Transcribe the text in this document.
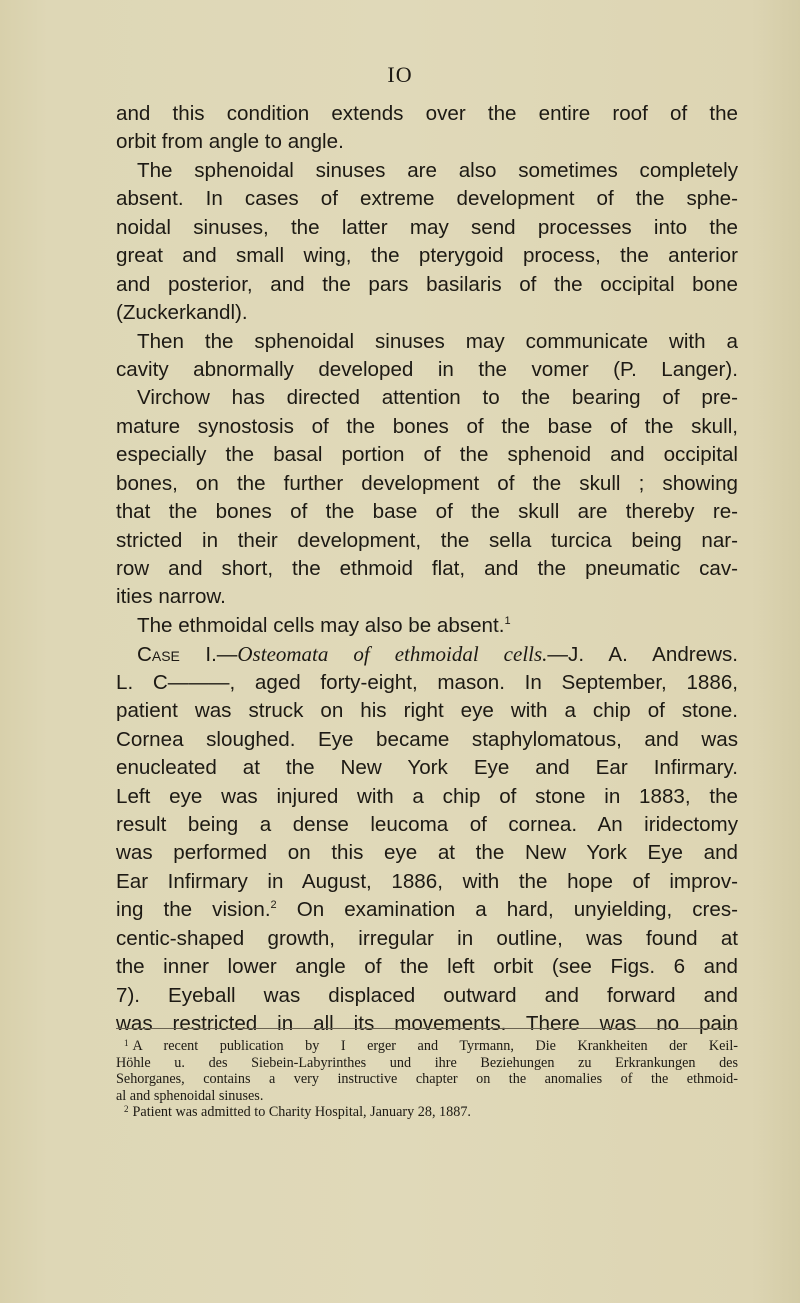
IO
and this condition extends over the entire roof of the
orbit from angle to angle.
The sphenoidal sinuses are also sometimes completely
absent. In cases of extreme development of the sphe-
noidal sinuses, the latter may send processes into the
great and small wing, the pterygoid process, the anterior
and posterior, and the pars basilaris of the occipital bone
(Zuckerkandl).
Then the sphenoidal sinuses may communicate with a
cavity abnormally developed in the vomer (P. Langer).
Virchow has directed attention to the bearing of pre-
mature synostosis of the bones of the base of the skull,
especially the basal portion of the sphenoid and occipital
bones, on the further development of the skull ; showing
that the bones of the base of the skull are thereby re-
stricted in their development, the sella turcica being nar-
row and short, the ethmoid flat, and the pneumatic cav-
ities narrow.
The ethmoidal cells may also be absent.$^1$
Case I.—Osteomata of ethmoidal cells.—J. A. Andrews.
L. C———, aged forty-eight, mason. In September, 1886,
patient was struck on his right eye with a chip of stone.
Cornea sloughed. Eye became staphylomatous, and was
enucleated at the New York Eye and Ear Infirmary.
Left eye was injured with a chip of stone in 1883, the
result being a dense leucoma of cornea. An iridectomy
was performed on this eye at the New York Eye and
Ear Infirmary in August, 1886, with the hope of improv-
ing the vision.$^2$ On examination a hard, unyielding, cres-
centic-shaped growth, irregular in outline, was found at
the inner lower angle of the left orbit (see Figs. 6 and
7). Eyeball was displaced outward and forward and
was restricted in all its movements. There was no pain
$^1$ A recent publication by I erger and Tyrmann, Die Krankheiten der Keil-
Höhle u. des Siebein-Labyrinthes und ihre Beziehungen zu Erkrankungen des
Sehorganes, contains a very instructive chapter on the anomalies of the ethmoid-
al and sphenoidal sinuses.
$^2$ Patient was admitted to Charity Hospital, January 28, 1887.
